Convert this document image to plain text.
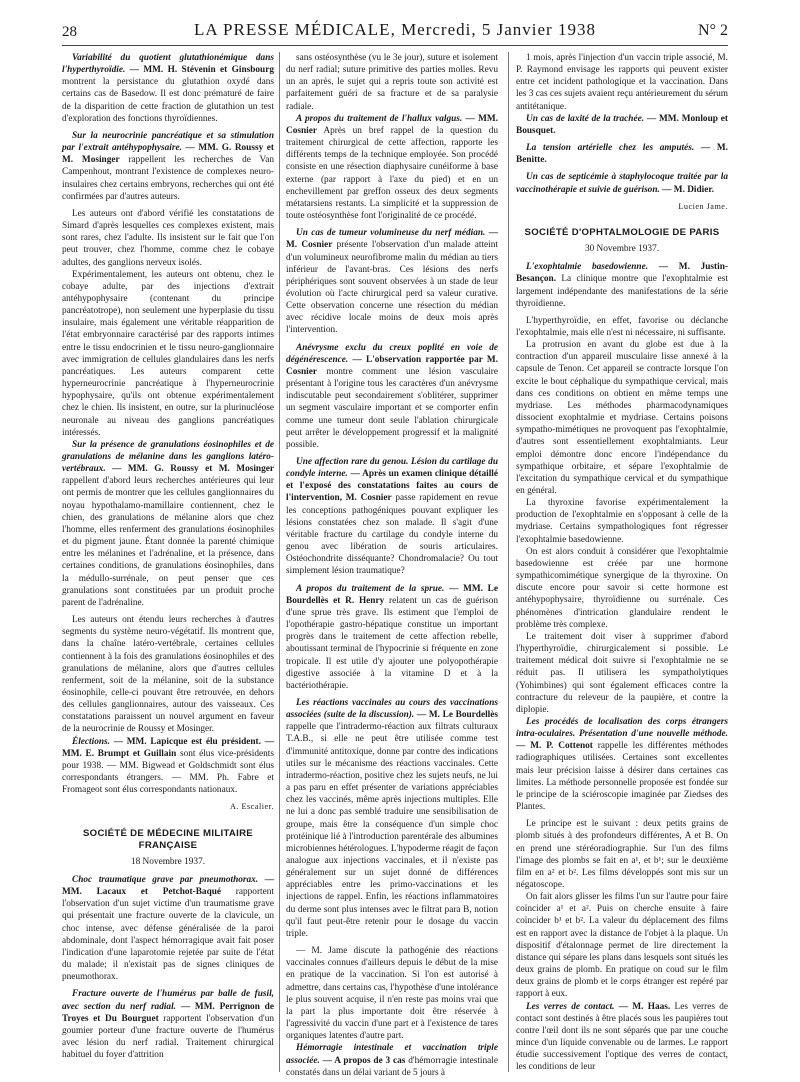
28	LA PRESSE MÉDICALE, Mercredi, 5 Janvier 1938	N° 2
Variabilité du quotient glutathionémique dans l'hyperthyroïdie. — MM. H. Stévenin et Ginsbourg montrent la persistance du glutathion oxydé dans certains cas de Basedow. Il est donc prématuré de faire de la disparition de cette fraction de glutathion un test d'exploration des fonctions thyroïdiennes.
Sur la neurocrinie pancréatique et sa stimulation par l'extrait antéhypophysaire. — MM. G. Roussy et M. Mosinger rappellent les recherches de Van Campenhout, montrant l'existence de complexes neuro-insulaires chez certains embryons, recherches qui ont été confirmées par d'autres auteurs.

Les auteurs ont d'abord vérifié les constatations de Simard d'après lesquelles ces complexes existent, mais sont rares, chez l'adulte. Ils insistent sur le fait que l'on peut trouver, chez l'homme, comme chez le cobaye adultes, des ganglions nerveux isolés.

Expérimentalement, les auteurs ont obtenu, chez le cobaye adulte, par des injections d'extrait antéhypophysaire (contenant du principe pancréatotrope), non seulement une hyperplasie du tissu insulaire, mais également une véritable réapparition de l'état embryonnaire caractérisé par des rapports intimes entre le tissu endocrinien et le tissu neuro-ganglionnaire avec immigration de cellules glandulaires dans les nerfs pancréatiques. Les auteurs comparent cette hyperneurocrinie pancréatique à l'hyperneurocrinie hypophysaire, qu'ils ont obtenue expérimentalement chez le chien. Ils insistent, en outre, sur la plurinucléose neuronale au niveau des ganglions pancréatiques intéressés.

Sur la présence de granulations éosinophiles et de granulations de mélanine dans les ganglions latéro-vertébraux. — MM. G. Roussy et M. Mosinger rappellent d'abord leurs recherches antérieures qui leur ont permis de montrer que les cellules ganglionnaires du noyau hypothalamo-mamillaire contiennent, chez le chien, des granulations de mélanine alors que chez l'homme, elles renferment des granulations éosinophiles et du pigment jaune. Étant donnée la parenté chimique entre les mélanines et l'adrénaline, et la présence, dans certaines conditions, de granulations éosinophiles, dans la médullo-surrénale, on peut penser que ces granulations sont constituées par un produit proche parent de l'adrénaline.

Les auteurs ont étendu leurs recherches à d'autres segments du système neuro-végétatif. Ils montrent que, dans la chaîne latéro-vertébrale, certaines cellules contiennent à la fois des granulations éosinophiles et des granulations de mélanine, alors que d'autres cellules renferment, soit de la mélanine, soit de la substance éosinophile, celle-ci pouvant être retrouvée, en dehors des cellules ganglionnaires, autour des vaisseaux. Ces constatations paraissent un nouvel argument en faveur de la neurocrinie de Roussy et Mosinger.

Élections. — MM. Lapicque est élu président. — MM. E. Brumpt et Guillain sont élus vice-présidents pour 1938. — MM. Bigwead et Goldschmidt sont élus correspondants étrangers. — MM. Ph. Fabre et Fromageot sont élus correspondants nationaux.
A. Escalier.
SOCIÉTÉ DE MÉDECINE MILITAIRE FRANÇAISE
18 Novembre 1937.
Choc traumatique grave par pneumothorax. — MM. Lacaux et Petchot-Baqué rapportent l'observation d'un sujet victime d'un traumatisme grave qui présentait une fracture ouverte de la clavicule, un choc intense, avec défense généralisée de la paroi abdominale, dont l'aspect hémorragique avait fait poser l'indication d'une laparotomie rejetée par suite de l'état du malade; il n'existait pas de signes cliniques de pneumothorax.
Fracture ouverte de l'humérus par balle de fusil, avec section du nerf radial. — MM. Perrignon de Troyes et Du Bourguet rapportent l'observation d'un goumier porteur d'une fracture ouverte de l'humérus avec lésion du nerf radial. Traitement chirurgical habituel du foyer d'attrition

sans ostéosynthèse (vu le 3e jour), suture et isolement du nerf radial; suture primitive des parties molles. Revu un an après, le sujet qui a repris toute son activité est parfaitement guéri de sa fracture et de sa paralysie radiale.

A propos du traitement de l'hallux valgus. — MM. Cosnier Après un bref rappel de la question du traitement chirurgical de cette affection, rapporte les différents temps de la technique employée. Son procédé consiste en une résection diaphysaire cunéiforme à base externe (par rapport à l'axe du pied) et en un enchevillement par greffon osseux des deux segments métatarsiens restants. La simplicité et la suppression de toute ostéosynthèse font l'originalité de ce procédé.
Un cas de tumeur volumineuse du nerf médian. — M. Cosnier présente l'observation d'un malade atteint d'un volumineux neurofibrome malin du médian au tiers inférieur de l'avant-bras. Ces lésions des nerfs périphériques sont souvent observées à un stade de leur évolution où l'acte chirurgical perd sa valeur curative. Cette observation concerne une résection du médian avec récidive locale moins de deux mois après l'intervention.
Anévrysme exclu du creux poplité en voie de dégénérescence. — L'observation rapportée par M. Cosnier montre comment une lésion vasculaire présentant à l'origine tous les caractères d'un anévrysme indiscutable peut secondairement s'oblitérer, supprimer un segment vasculaire important et se comporter enfin comme une tumeur dont seule l'ablation chirurgicale peut arrêter le développement progressif et la malignité possible.
Une affection rare du genou. Lésion du cartilage du condyle interne. — Après un examen clinique détaillé et l'exposé des constatations faites au cours de l'intervention, M. Cosnier passe rapidement en revue les conceptions pathogéniques pouvant expliquer les lésions constatées chez son malade. Il s'agit d'une véritable fracture du cartilage du condyle interne du genou avec libération de souris articulaires. Ostéochondrite disséquante? Chondromalacie? Ou tout simplement lésion traumatique?
A propos du traitement de la sprue. — MM. Le Bourdellès et R. Henry relatent un cas de guérison d'une sprue très grave. Ils estiment que l'emploi de l'opothérapie gastro-hépatique constitue un important progrès dans le traitement de cette affection rebelle, aboutissant terminal de l'hypocrinie si fréquente en zone tropicale. Il est utile d'y ajouter une polyopothérapie digestive associée à la vitamine D et à la bactériothérapie.
Les réactions vaccinales au cours des vaccinations associées (suite de la discussion). — M. Le Bourdellès rappelle que l'intradermo-réaction aux filtrats culturaux T.A.B., si elle ne peut être utilisée comme test d'immunité antitoxique, donne par contre des indications utiles sur le mécanisme des réactions vaccinales. Cette intradermo-réaction, positive chez les sujets neufs, ne lui a pas paru en effet présenter de variations appréciables chez les vaccinés, même après injections multiples. Elle ne lui a donc pas semblé traduire une sensibilisation de groupe, mais être la conséquence d'un simple choc protéinique lié à l'introduction parentérale des albumines microbiennes hétérologues. L'hypoderme réagit de façon analogue aux injections vaccinales, et il n'existe pas généralement sur un sujet donné de différences appréciables entre les primo-vaccinations et les injections de rappel. Enfin, les réactions inflammatoires du derme sont plus intenses avec le filtrat para B, notion qu'il faut peut-être retenir pour le dosage du vaccin triple.

— M. Jame discute la pathogénie des réactions vaccinales connues d'ailleurs depuis le début de la mise en pratique de la vaccination. Si l'on est autorisé à admettre, dans certains cas, l'hypothèse d'une intolérance le plus souvent acquise, il n'en reste pas moins vrai que la part la plus importante doit être réservée à l'agressivité du vaccin d'une part et à l'existence de tares organiques latentes d'autre part.

Hémorragie intestinale et vaccination triple associée. — A propos de 3 cas d'hémorragie intestinale constatés dans un délai variant de 5 jours à

1 mois, après l'injection d'un vaccin triple associé, M. P. Raymond envisage les rapports qui peuvent exister entre cet incident pathologique et la vaccination. Dans les 3 cas ces sujets avaient reçu antérieurement du sérum antitétanique.

Un cas de laxité de la trachée. — MM. Monloup et Bousquet.
La tension artérielle chez les amputés. — M. Benitte.
Un cas de septicémie à staphylocoque traitée par la vaccinothérapie et suivie de guérison. — M. Didier.
Lucien Jame.
SOCIÉTÉ D'OPHTALMOLOGIE DE PARIS
30 Novembre 1937.
L'exophtalmie basedowienne. — M. Justin-Besançon. La clinique montre que l'exophtalmie est largement indépendante des manifestations de la série thyroïdienne.

L'hyperthyroïdie, en effet, favorise ou déclanche l'exophtalmie, mais elle n'est ni nécessaire, ni suffisante.

La protrusion en avant du globe est due à la contraction d'un appareil musculaire lisse annexé à la capsule de Tenon. Cet appareil se contracte lorsque l'on excite le bout céphalique du sympathique cervical, mais dans ces conditions on obtient en même temps une mydriase. Les méthodes pharmacodynamiques dissocient exophtalmie et mydriase. Certains poisons sympatho-mimétiques ne provoquent pas l'exophtalmie, d'autres sont essentiellement exophtalmiants. Leur emploi démontre donc encore l'indépendance du sympathique orbitaire, et sépare l'exophtalmie de l'excitation du sympathique cervical et du sympathique en général.

La thyroxine favorise expérimentalement la production de l'exophtalmie en s'opposant à celle de la mydriase. Certains sympathologiques font régresser l'exophtalmie basedowienne.

On est alors conduit à considérer que l'exophtalmie basedowienne est créée par une hormone sympathicomimétique synergique de la thyroxine. On discute encore pour savoir si cette hormone est antéhypophysaire, thyroïdienne ou surrénale. Ces phénomènes d'intrication glandulaire rendent le problème très complexe.

Le traitement doit viser à supprimer d'abord l'hyperthyroïdie, chirurgicalement si possible. Le traitement médical doit suivre si l'exophtalmie ne se réduit pas. Il utilisera les sympatholytiques (Yohimbines) qui sont également efficaces contre la contracture du releveur de la paupière, et contre la diplopie.

Les procédés de localisation des corps étrangers intra-oculaires. Présentation d'une nouvelle méthode. — M. P. Cottenot rappelle les différentes méthodes radiographiques utilisées. Certaines sont excellentes mais leur précision laisse à désirer dans certaines cas limites. La méthode personnelle proposée est fondée sur le principe de la sciéroscopie imaginée par Ziedses des Plantes.

Le principe est le suivant : deux petits grains de plomb situés à des profondeurs différentes, A et B. On en prend une stéréoradiographie. Sur l'un des films l'image des plombs se fait en a¹, et b¹; sur le deuxième film en a² et b². Les films développés sont mis sur un négatoscope.

On fait alors glisser les films l'un sur l'autre pour faire coïncider a¹ et a². Puis on cherche ensuite à faire coïncider b¹ et b². La valeur du déplacement des films est en rapport avec la distance de l'objet à la plaque. Un dispositif d'étalonnage permet de lire directement la distance qui sépare les plans dans lesquels sont situés les deux grains de plomb. En pratique on coud sur le film deux grains de plomb et le corps étranger est repéré par rapport à eux.

Les verres de contact. — M. Haas. Les verres de contact sont destinés à être placés sous les paupières tout contre l'œil dont ils ne sont séparés que par une couche mince d'un liquide convenable ou de larmes. Le rapport étudie successivement l'optique des verres de contact, les conditions de leur
